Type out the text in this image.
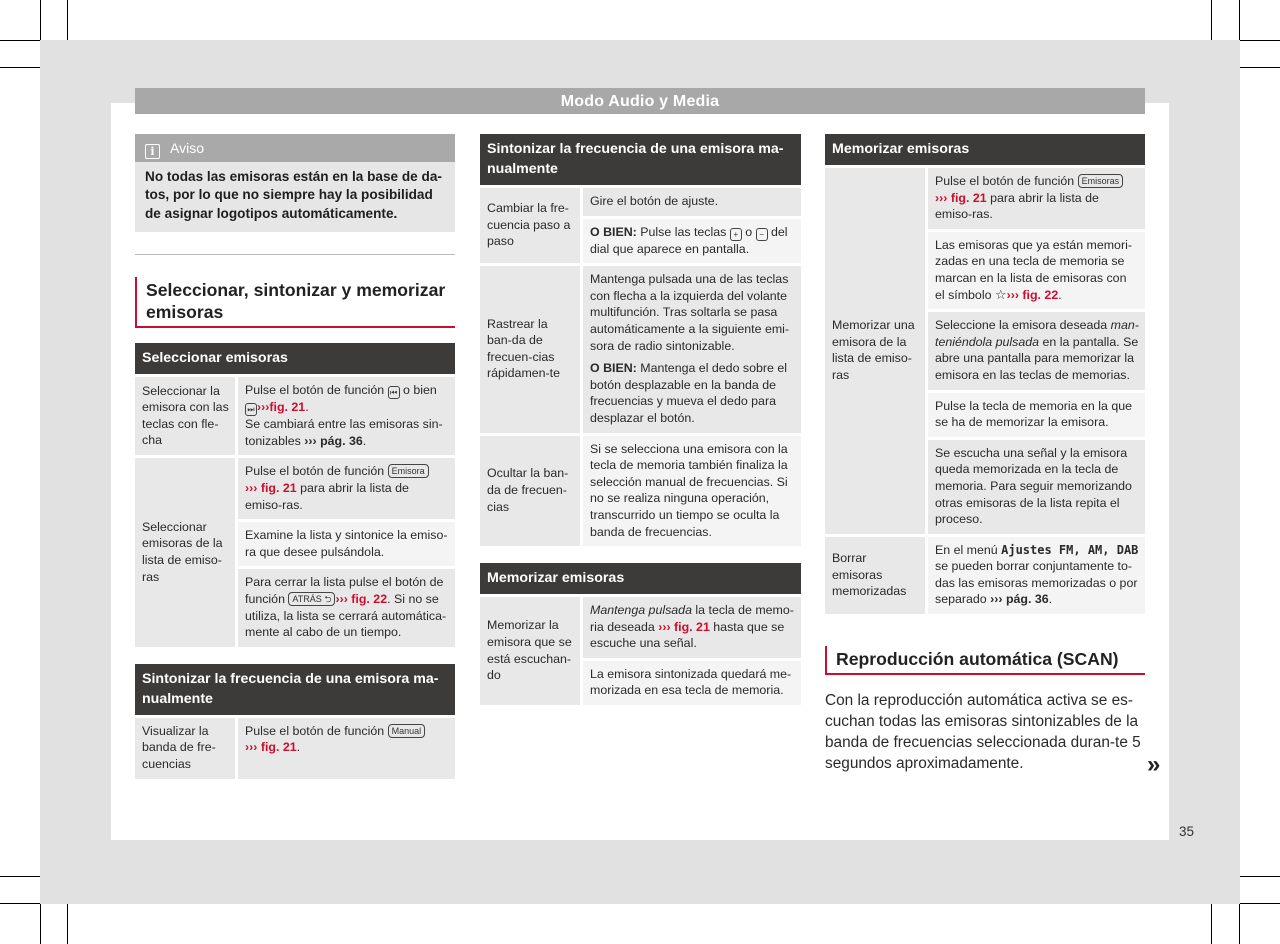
Modo Audio y Media
i Aviso
No todas las emisoras están en la base de da-tos, por lo que no siempre hay la posibilidad de asignar logotipos automáticamente.
Seleccionar, sintonizar y memorizar emisoras
Seleccionar emisoras	
Seleccionar la emisora con las teclas con fle-cha	Pulse el botón de función ⏮ o bien
⏭ ›››fig. 21.
Se cambiará entre las emisoras sin-tonizables ››› pág. 36.
Seleccionar emisoras de la lista de emiso-ras	Pulse el botón de función Emisora
››› fig. 21 para abrir la lista de emiso-ras.
	Examine la lista y sintonice la emiso-ra que desee pulsándola.
	Para cerrar la lista pulse el botón de función ATRÁS ⮌ ››› fig. 22. Si no se utiliza, la lista se cerrará automática-mente al cabo de un tiempo.
Sintonizar la frecuencia de una emisora ma-nualmente
Visualizar la banda de fre-cuencias	Pulse el botón de función Manual
››› fig. 21.
Sintonizar la frecuencia de una emisora ma-nualmente	
Cambiar la fre-cuencia paso a paso	Gire el botón de ajuste.
	O BIEN: Pulse las teclas + o − del dial que aparece en pantalla.
Rastrear la ban-da de frecuen-cias rápidamen-te	Mantenga pulsada una de las teclas con flecha a la izquierda del volante multifunción. Tras soltarla se pasa automáticamente a la siguiente emi-sora de radio sintonizable.
O BIEN: Mantenga el dedo sobre el botón desplazable en la banda de frecuencias y mueva el dedo para desplazar el botón.

Ocultar la ban-da de frecuen-cias	Si se selecciona una emisora con la tecla de memoria también finaliza la selección manual de frecuencias. Si no se realiza ninguna operación, transcurrido un tiempo se oculta la banda de frecuencias.
Memorizar emisoras
Memorizar la emisora que se está escuchan-do	Mantenga pulsada la tecla de memo-ria deseada ››› fig. 21 hasta que se escuche una señal.
La emisora sintonizada quedará me-morizada en esa tecla de memoria.
Memorizar emisoras	
Memorizar una emisora de la lista de emiso-ras	Pulse el botón de función Emisoras
››› fig. 21 para abrir la lista de emiso-ras.
	Las emisoras que ya están memori-zadas en una tecla de memoria se marcan en la lista de emisoras con el símbolo ☆››› fig. 22.
	Seleccione la emisora deseada man-teniéndola pulsada en la pantalla. Se abre una pantalla para memorizar la emisora en las teclas de memorias.
	Pulse la tecla de memoria en la que se ha de memorizar la emisora.
	Se escucha una señal y la emisora queda memorizada en la tecla de memoria. Para seguir memorizando otras emisoras de la lista repita el proceso.
Borrar emisoras memorizadas	En el menú Ajustes FM, AM, DAB se pueden borrar conjuntamente to-das las emisoras memorizadas o por separado ››› pág. 36.
Reproducción automática (SCAN)
Con la reproducción automática activa se es-cuchan todas las emisoras sintonizables de la banda de frecuencias seleccionada duran-te 5 segundos aproximadamente.	»
35
